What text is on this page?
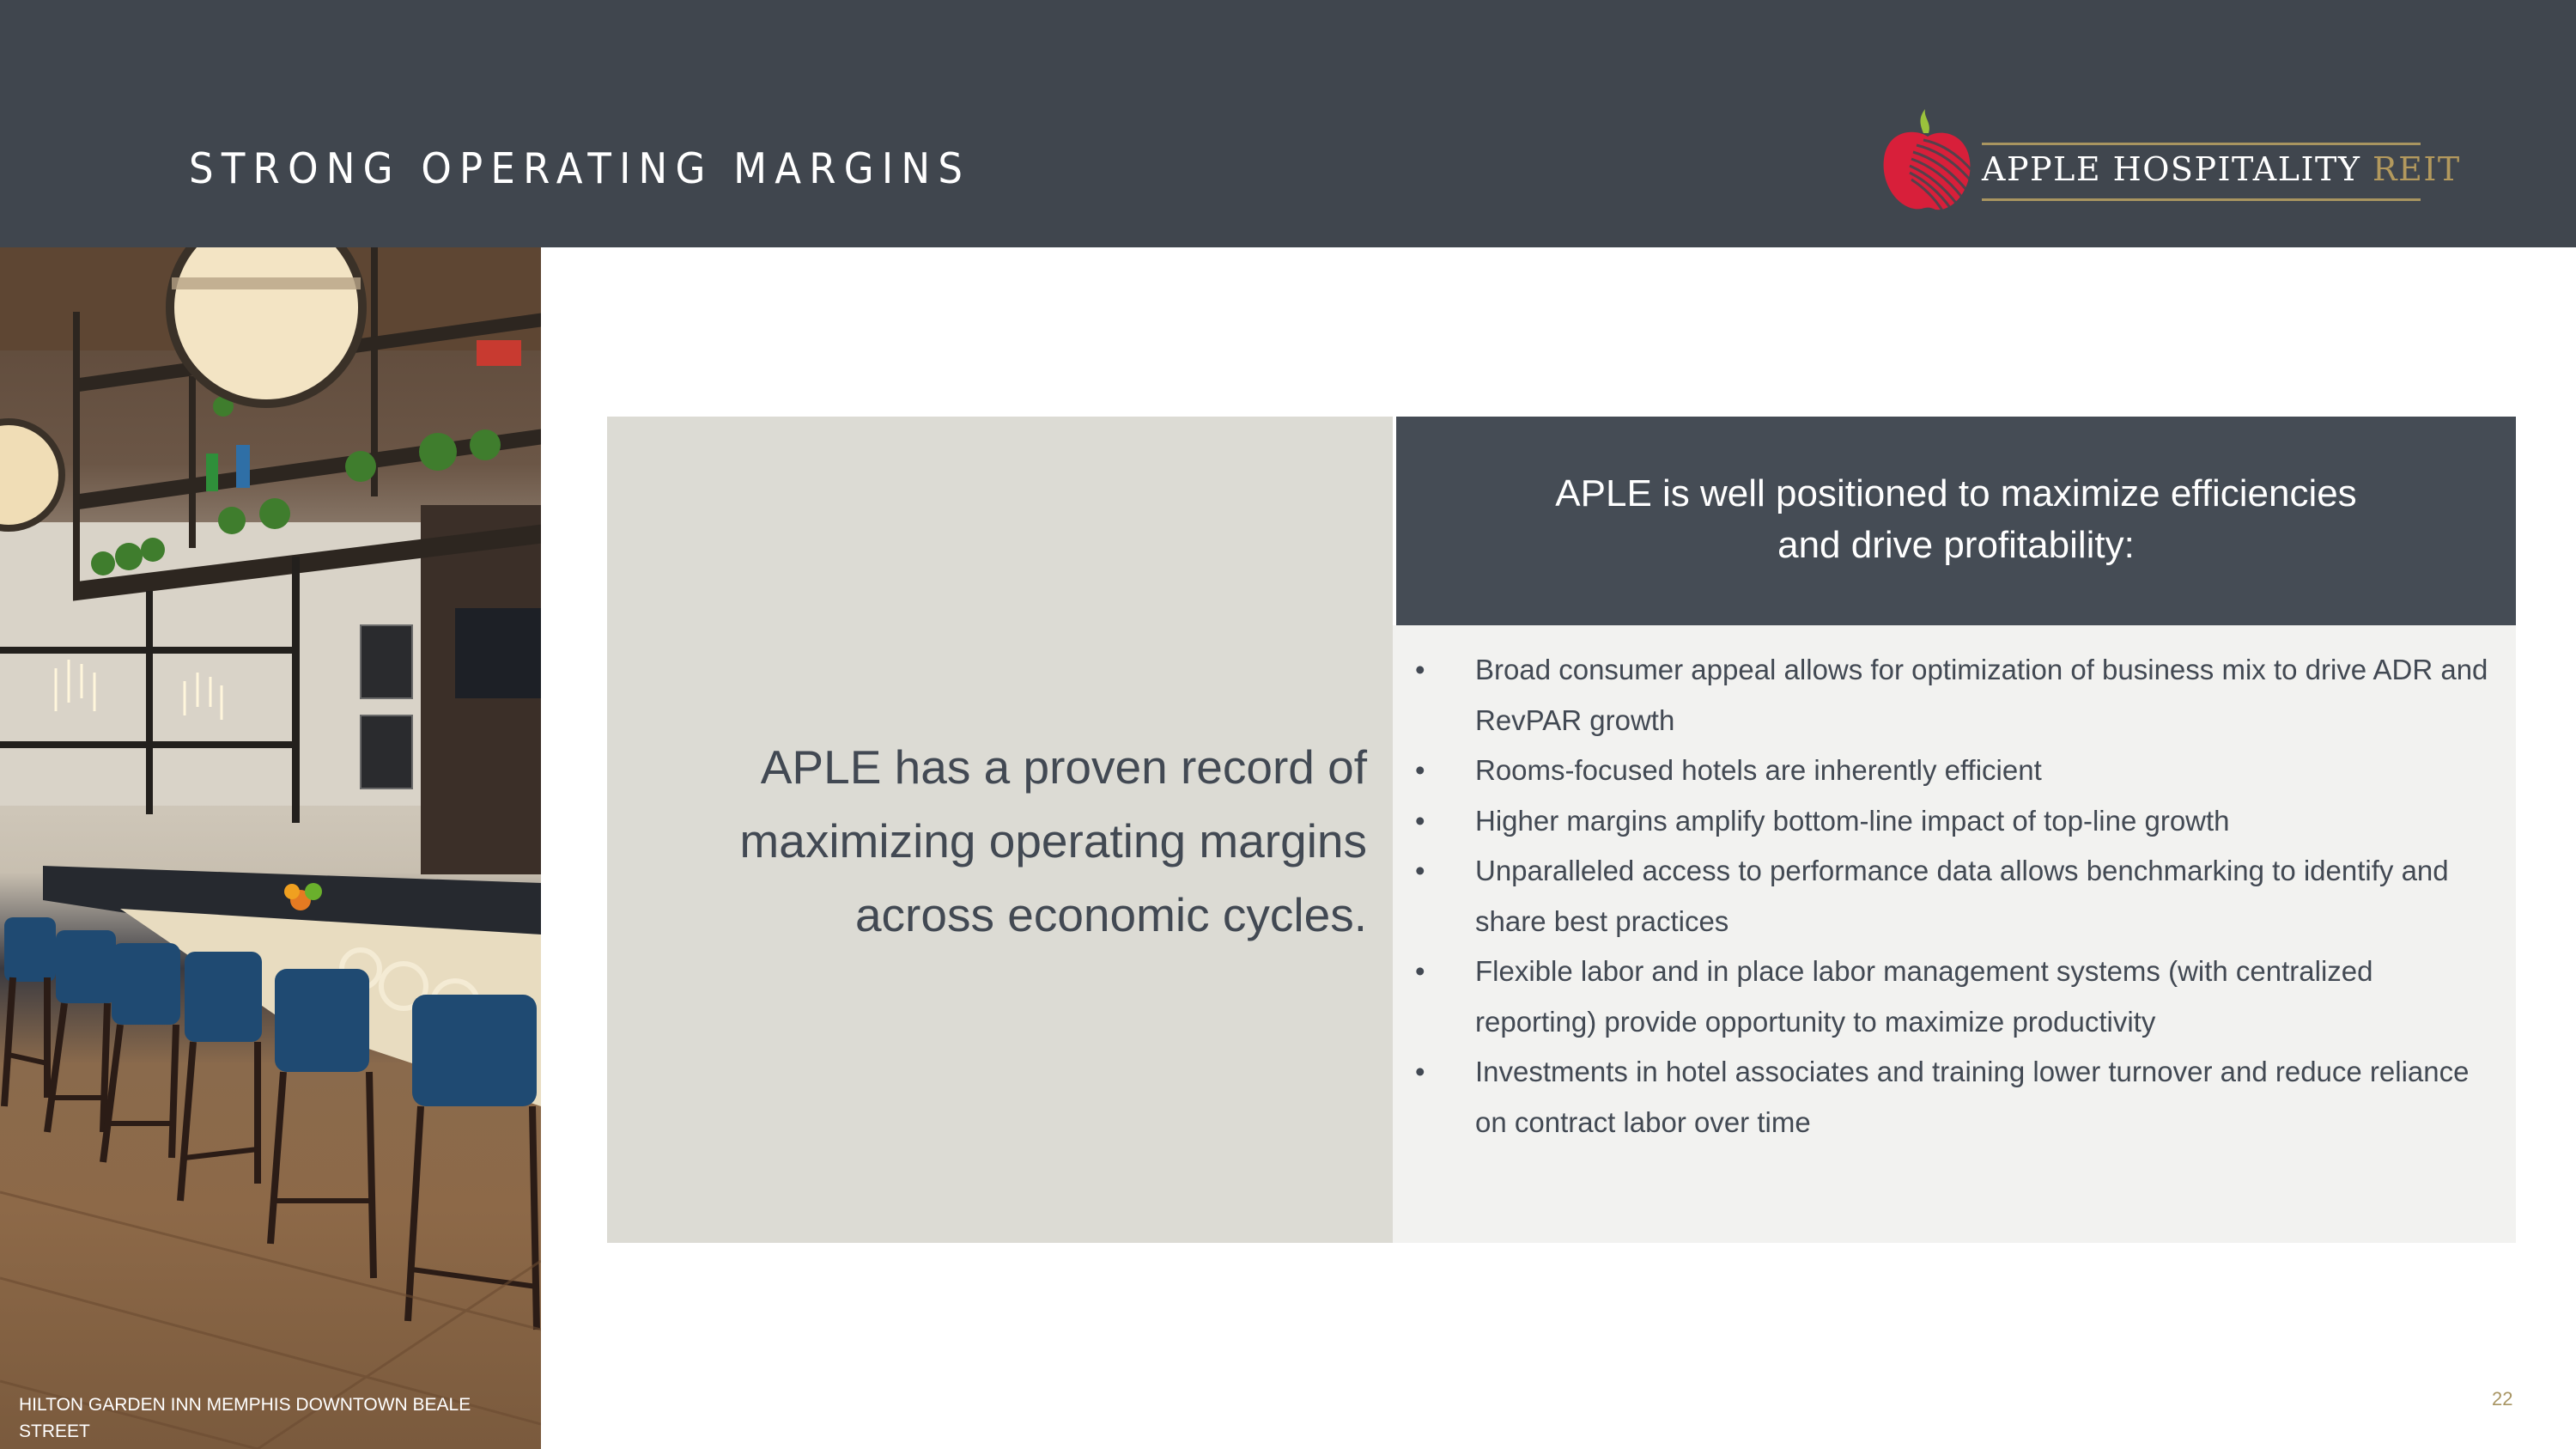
STRONG OPERATING MARGINS	APPLE HOSPITALITY REIT
HILTON GARDEN INN MEMPHIS DOWNTOWN BEALE STREET
APLE has a proven record of
maximizing operating margins
across economic cycles.
APLE is well positioned to maximize efficiencies
and drive profitability:
•	Broad consumer appeal allows for optimization of business mix to drive ADR and RevPAR growth
•	Rooms-focused hotels are inherently efficient
•	Higher margins amplify bottom-line impact of top-line growth
•	Unparalleled access to performance data allows benchmarking to identify and share best practices
•	Flexible labor and in place labor management systems (with centralized reporting) provide opportunity to maximize productivity
•	Investments in hotel associates and training lower turnover and reduce reliance on contract labor over time
22
